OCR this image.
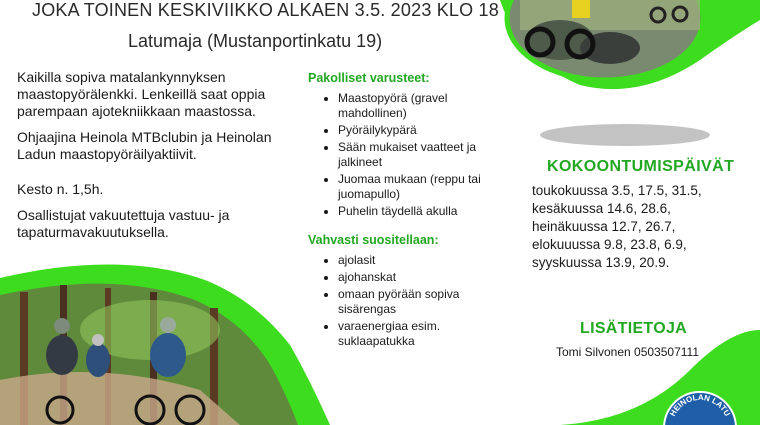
HEINOLAN LATU
JOKA TOINEN KESKIVIIKKO ALKAEN 3.5. 2023 KLO 18
Latumaja (Mustanportinkatu 19)

Kaikilla sopiva matalankynnyksen maastopyörälenkki. Lenkeillä saat oppia parempaan ajotekniikkaan maastossa.

Ohjaajina Heinola MTBclubin ja Heinolan Ladun maastopyöräilyaktiivit.

Kesto n. 1,5h.

Osallistujat vakuutettuja vastuu- ja tapaturmavakuutuksella.

Pakolliset varusteet:
• Maastopyörä (gravel mahdollinen)
• Pyöräilykypärä
• Sään mukaiset vaatteet ja jalkineet
• Juomaa mukaan (reppu tai juomapullo)
• Puhelin täydellä akulla
Vahvasti suositellaan:
• ajolasit
• ajohanskat
• omaan pyörään sopiva sisärengas
• varaenergiaa esim. suklaapatukka
KOKOONTUMISPÄIVÄT
toukokuussa 3.5, 17.5, 31.5,
kesäkuussa 14.6, 28.6,
heinäkuussa 12.7, 26.7,
elokuuussa 9.8, 23.8, 6.9,
syyskuussa 13.9, 20.9.
LISÄTIETOJA
Tomi Silvonen 0503507111
